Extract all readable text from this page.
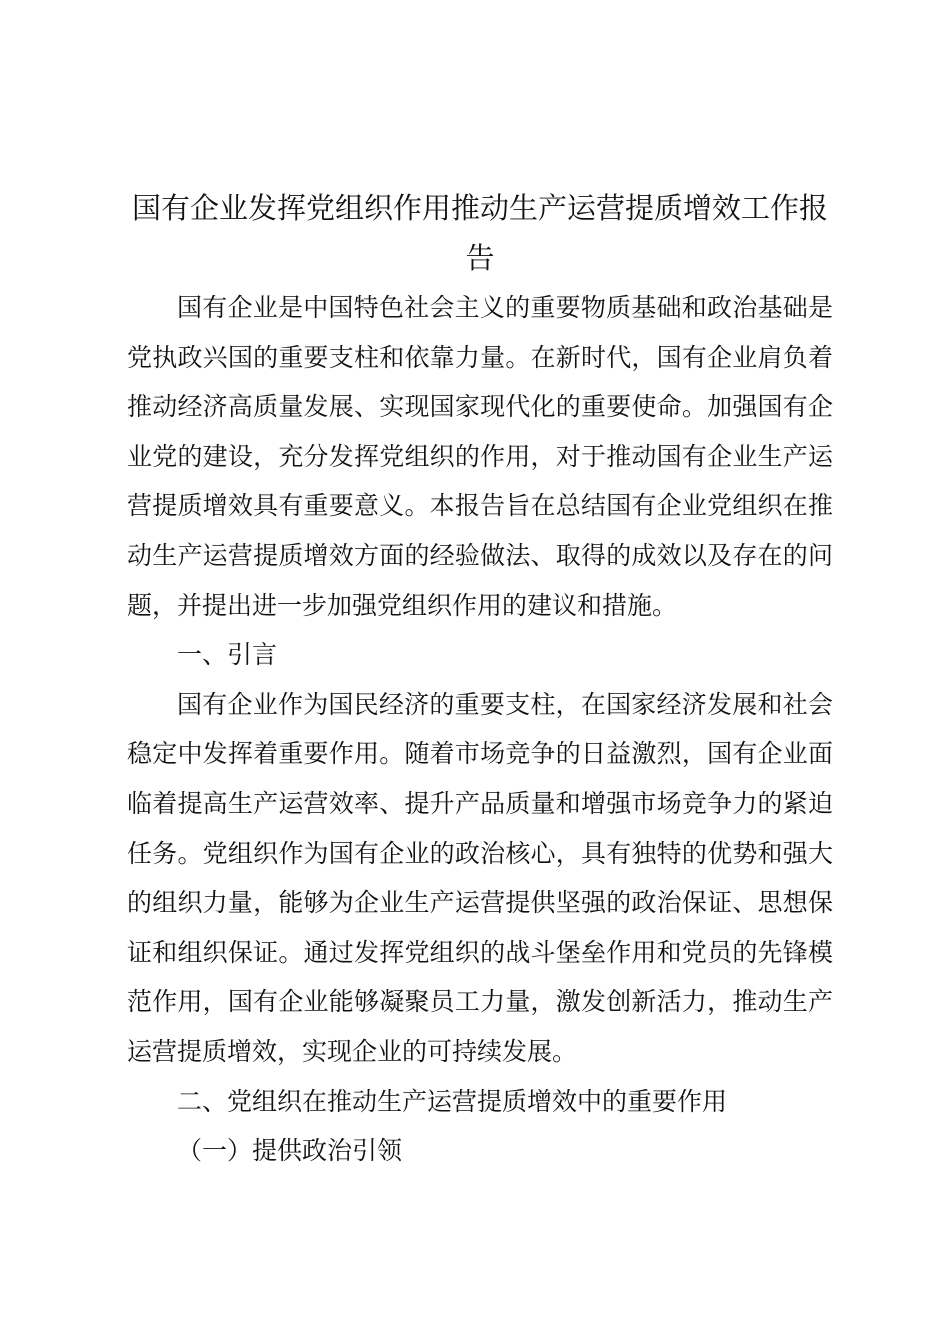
国有企业发挥党组织作用推动生产运营提质增效工作报告

国有企业是中国特色社会主义的重要物质基础和政治基础是党执政兴国的重要支柱和依靠力量。在新时代，国有企业肩负着推动经济高质量发展、实现国家现代化的重要使命。加强国有企业党的建设，充分发挥党组织的作用，对于推动国有企业生产运营提质增效具有重要意义。本报告旨在总结国有企业党组织在推动生产运营提质增效方面的经验做法、取得的成效以及存在的问题，并提出进一步加强党组织作用的建议和措施。

一、引言

国有企业作为国民经济的重要支柱，在国家经济发展和社会稳定中发挥着重要作用。随着市场竞争的日益激烈，国有企业面临着提高生产运营效率、提升产品质量和增强市场竞争力的紧迫任务。党组织作为国有企业的政治核心，具有独特的优势和强大的组织力量，能够为企业生产运营提供坚强的政治保证、思想保证和组织保证。通过发挥党组织的战斗堡垒作用和党员的先锋模范作用，国有企业能够凝聚员工力量，激发创新活力，推动生产运营提质增效，实现企业的可持续发展。

二、党组织在推动生产运营提质增效中的重要作用

（一）提供政治引领
